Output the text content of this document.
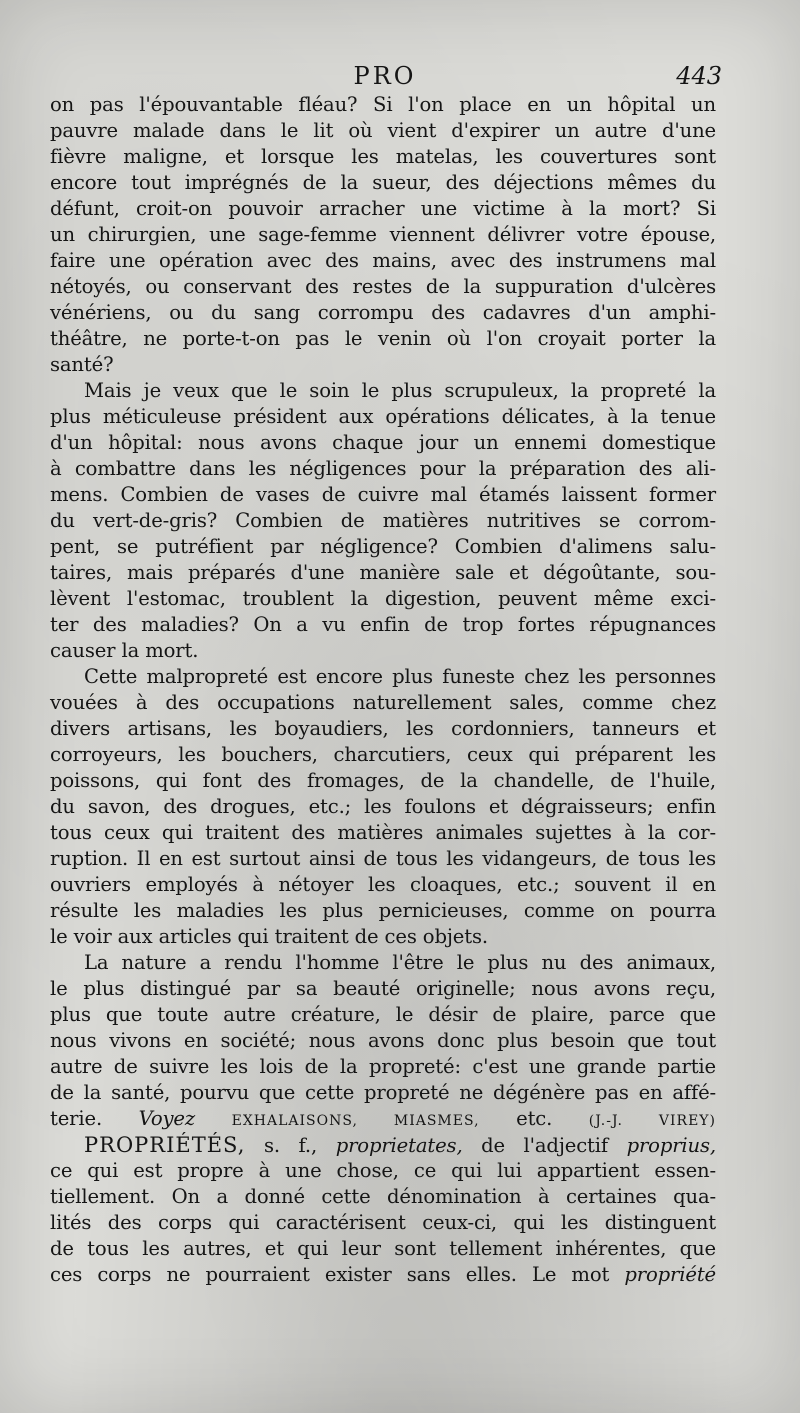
PRO	443
on pas l'épouvantable fléau? Si l'on place en un hôpital un
pauvre malade dans le lit où vient d'expirer un autre d'une
fièvre maligne, et lorsque les matelas, les couvertures sont
encore tout imprégnés de la sueur, des déjections mêmes du
défunt, croit-on pouvoir arracher une victime à la mort? Si
un chirurgien, une sage-femme viennent délivrer votre épouse,
faire une opération avec des mains, avec des instrumens mal
nétoyés, ou conservant des restes de la suppuration d'ulcères
vénériens, ou du sang corrompu des cadavres d'un amphi-
théâtre, ne porte-t-on pas le venin où l'on croyait porter la
santé?
Mais je veux que le soin le plus scrupuleux, la propreté la
plus méticuleuse président aux opérations délicates, à la tenue
d'un hôpital: nous avons chaque jour un ennemi domestique
à combattre dans les négligences pour la préparation des ali-
mens. Combien de vases de cuivre mal étamés laissent former
du vert-de-gris? Combien de matières nutritives se corrom-
pent, se putréfient par négligence? Combien d'alimens salu-
taires, mais préparés d'une manière sale et dégoûtante, sou-
lèvent l'estomac, troublent la digestion, peuvent même exci-
ter des maladies? On a vu enfin de trop fortes répugnances
causer la mort.
Cette malpropreté est encore plus funeste chez les personnes
vouées à des occupations naturellement sales, comme chez
divers artisans, les boyaudiers, les cordonniers, tanneurs et
corroyeurs, les bouchers, charcutiers, ceux qui préparent les
poissons, qui font des fromages, de la chandelle, de l'huile,
du savon, des drogues, etc.; les foulons et dégraisseurs; enfin
tous ceux qui traitent des matières animales sujettes à la cor-
ruption. Il en est surtout ainsi de tous les vidangeurs, de tous les
ouvriers employés à nétoyer les cloaques, etc.; souvent il en
résulte les maladies les plus pernicieuses, comme on pourra
le voir aux articles qui traitent de ces objets.
La nature a rendu l'homme l'être le plus nu des animaux,
le plus distingué par sa beauté originelle; nous avons reçu,
plus que toute autre créature, le désir de plaire, parce que
nous vivons en société; nous avons donc plus besoin que tout
autre de suivre les lois de la propreté: c'est une grande partie
de la santé, pourvu que cette propreté ne dégénère pas en affé-
terie. Voyez	EXHALAISONS, MIASMES, etc.	(J.-J. VIREY)
PROPRIÉTÉS, s. f., proprietates, de l'adjectif proprius,
ce qui est propre à une chose, ce qui lui appartient essen-
tiellement. On a donné cette dénomination à certaines qua-
lités des corps qui caractérisent ceux-ci, qui les distinguent
de tous les autres, et qui leur sont tellement inhérentes, que
ces corps ne pourraient exister sans elles. Le mot propriété
